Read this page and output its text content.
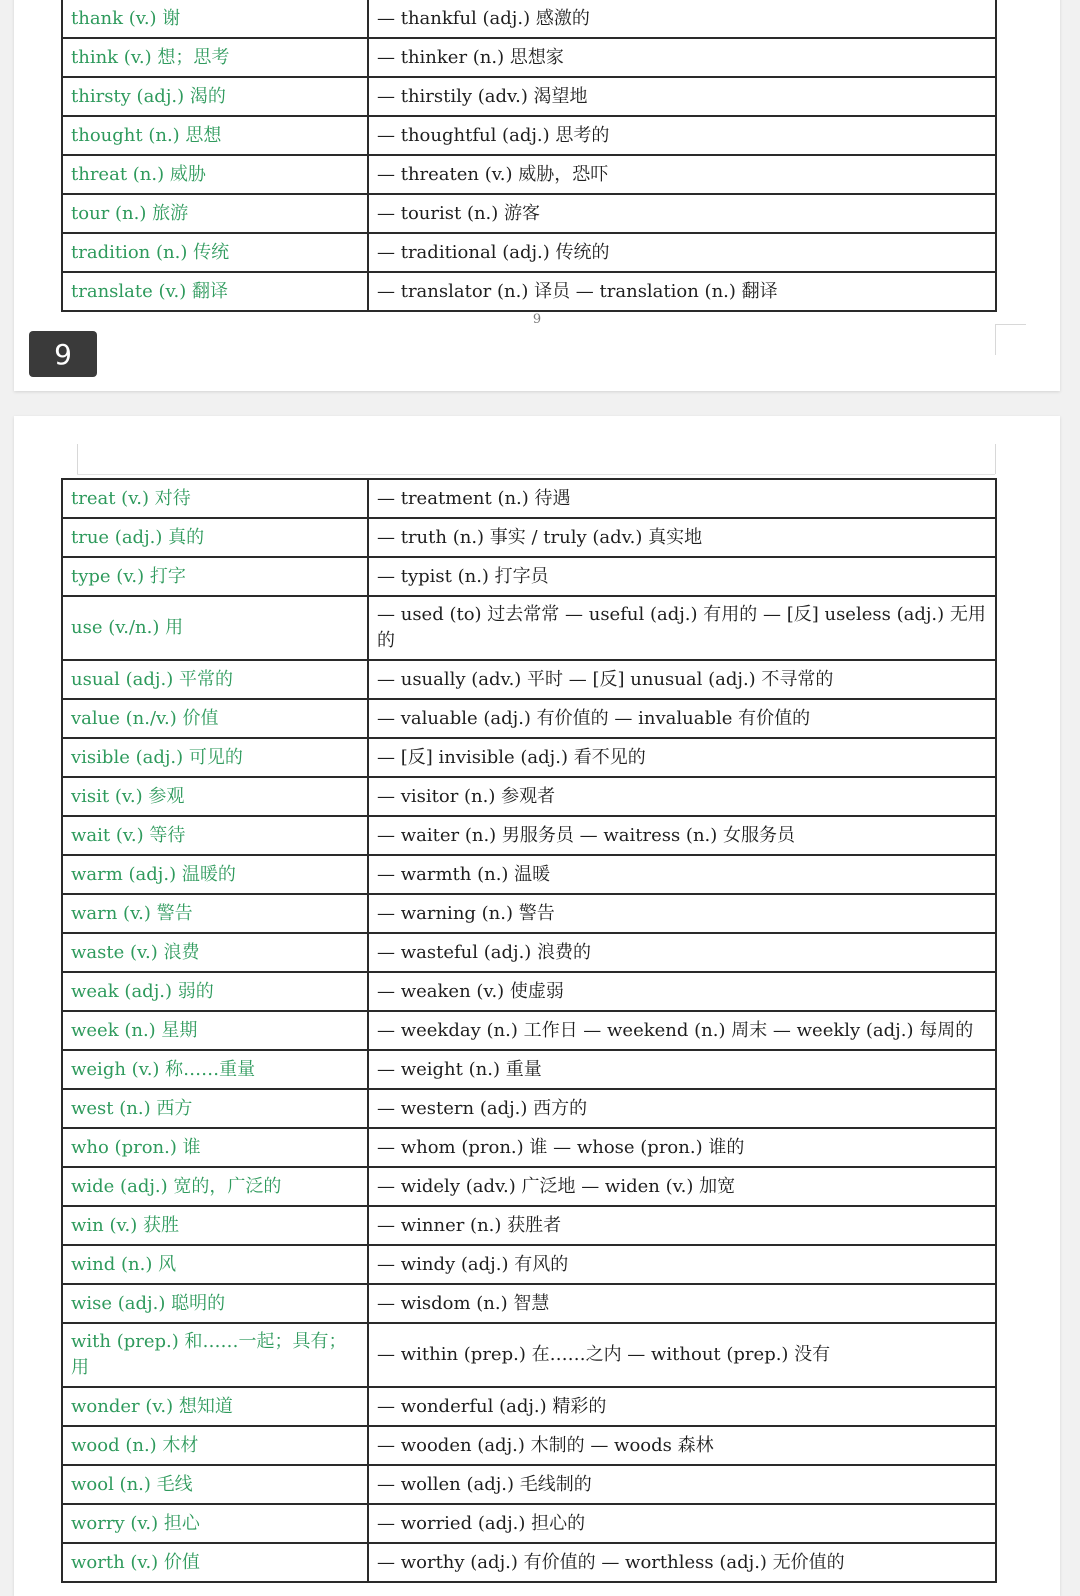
thank (v.) 谢	— thankful (adj.) 感激的
think (v.) 想；思考	— thinker (n.) 思想家
thirsty (adj.) 渴的	— thirstily (adv.) 渴望地
thought (n.) 思想	— thoughtful (adj.) 思考的
threat (n.) 威胁	— threaten (v.) 威胁，恐吓
tour (n.) 旅游	— tourist (n.) 游客
tradition (n.) 传统	— traditional (adj.) 传统的
translate (v.) 翻译	— translator (n.) 译员 — translation (n.) 翻译
9
9
treat (v.) 对待	— treatment (n.) 待遇
true (adj.) 真的	— truth (n.) 事实 / truly (adv.) 真实地
type (v.) 打字	— typist (n.) 打字员
use (v./n.) 用	— used (to) 过去常常 — useful (adj.) 有用的 — [反] useless (adj.) 无用的
usual (adj.) 平常的	— usually (adv.) 平时 — [反] unusual (adj.) 不寻常的
value (n./v.) 价值	— valuable (adj.) 有价值的 — invaluable 有价值的
visible (adj.) 可见的	— [反] invisible (adj.) 看不见的
visit (v.) 参观	— visitor (n.) 参观者
wait (v.) 等待	— waiter (n.) 男服务员 — waitress (n.) 女服务员
warm (adj.) 温暖的	— warmth (n.) 温暖
warn (v.) 警告	— warning (n.) 警告
waste (v.) 浪费	— wasteful (adj.) 浪费的
weak (adj.) 弱的	— weaken (v.) 使虚弱
week (n.) 星期	— weekday (n.) 工作日 — weekend (n.) 周末 — weekly (adj.) 每周的
weigh (v.) 称……重量	— weight (n.) 重量
west (n.) 西方	— western (adj.) 西方的
who (pron.) 谁	— whom (pron.) 谁 — whose (pron.) 谁的
wide (adj.) 宽的，广泛的	— widely (adv.) 广泛地 — widen (v.) 加宽
win (v.) 获胜	— winner (n.) 获胜者
wind (n.) 风	— windy (adj.) 有风的
wise (adj.) 聪明的	— wisdom (n.) 智慧
with (prep.) 和……一起；具有；用	— within (prep.) 在……之内 — without (prep.) 没有
wonder (v.) 想知道	— wonderful (adj.) 精彩的
wood (n.) 木材	— wooden (adj.) 木制的 — woods 森林
wool (n.) 毛线	— wollen (adj.) 毛线制的
worry (v.) 担心	— worried (adj.) 担心的
worth (v.) 价值	— worthy (adj.) 有价值的 — worthless (adj.) 无价值的
